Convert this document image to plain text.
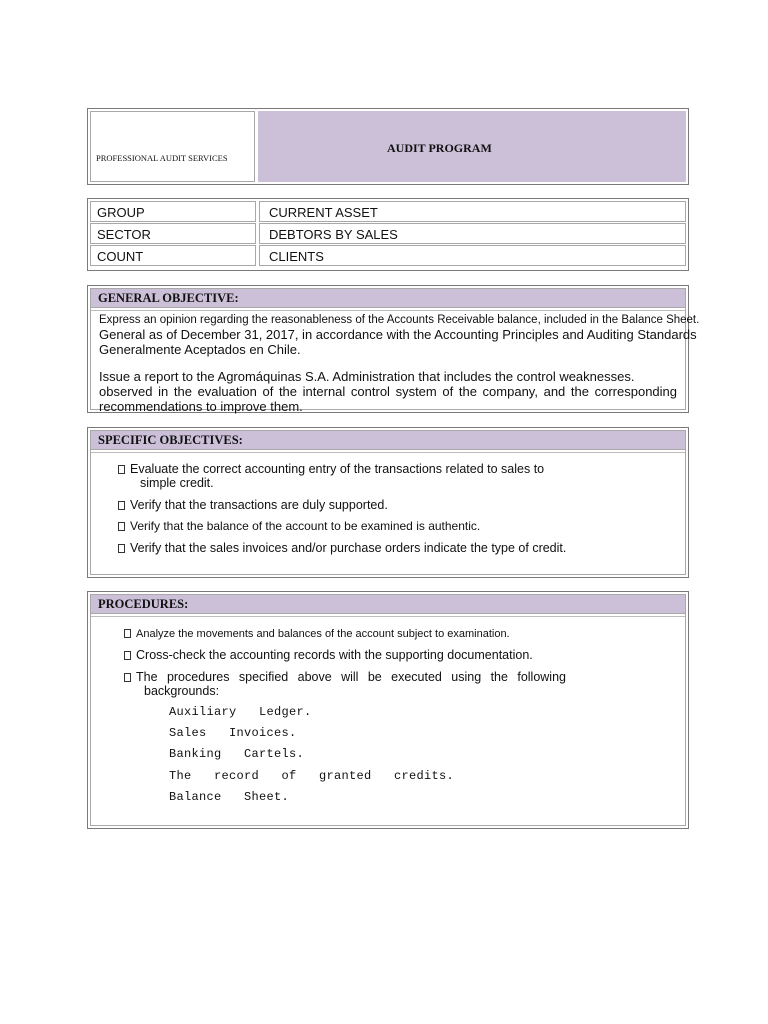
PROFESSIONAL AUDIT SERVICES
AUDIT PROGRAM
GROUP	CURRENT ASSET
SECTOR	DEBTORS BY SALES
COUNT	CLIENTS
GENERAL OBJECTIVE:

Express an opinion regarding the reasonableness of the Accounts Receivable balance, included in the Balance Sheet.

General as of December 31, 2017, in accordance with the Accounting Principles and Auditing Standards

Generalmente Aceptados en Chile.

Issue a report to the Agromáquinas S.A. Administration that includes the control weaknesses.

observed in the evaluation of the internal control system of the company, and the corresponding

recommendations to improve them.

SPECIFIC OBJECTIVES:
Evaluate the correct accounting entry of the transactions related to sales to
simple credit.
Verify that the transactions are duly supported.
Verify that the balance of the account to be examined is authentic.
Verify that the sales invoices and/or purchase orders indicate the type of credit.
PROCEDURES:
Analyze the movements and balances of the account subject to examination.
Cross-check the accounting records with the supporting documentation.
The procedures specified above will be executed using the following
backgrounds:
Auxiliary   Ledger.
Sales   Invoices.
Banking   Cartels.
The   record   of   granted   credits.
Balance   Sheet.
